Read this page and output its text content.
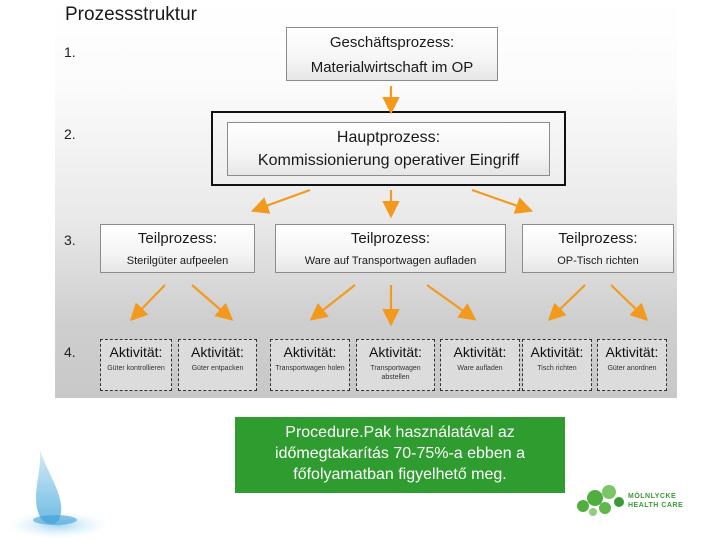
Prozessstruktur
1.
2.
3.
4.
Geschäftsprozess:
Materialwirtschaft im OP
Hauptprozess:
Kommissionierung operativer Eingriff
Teilprozess:
Sterilgüter aufpeelen
Teilprozess:
Ware auf Transportwagen aufladen
Teilprozess:
OP-Tisch richten
Aktivität:
Güter kontrollieren
Aktivität:
Güter entpacken
Aktivität:
Transportwagen holen
Aktivität:
Transportwagen abstellen
Aktivität:
Ware aufladen
Aktivität:
Tisch richten
Aktivität:
Güter anordnen
Procedure.Pak használatával az
időmegtakarítás 70-75%-a ebben a
főfolyamatban figyelhető meg.
MÖLNLYCKE
HEALTH CARE
